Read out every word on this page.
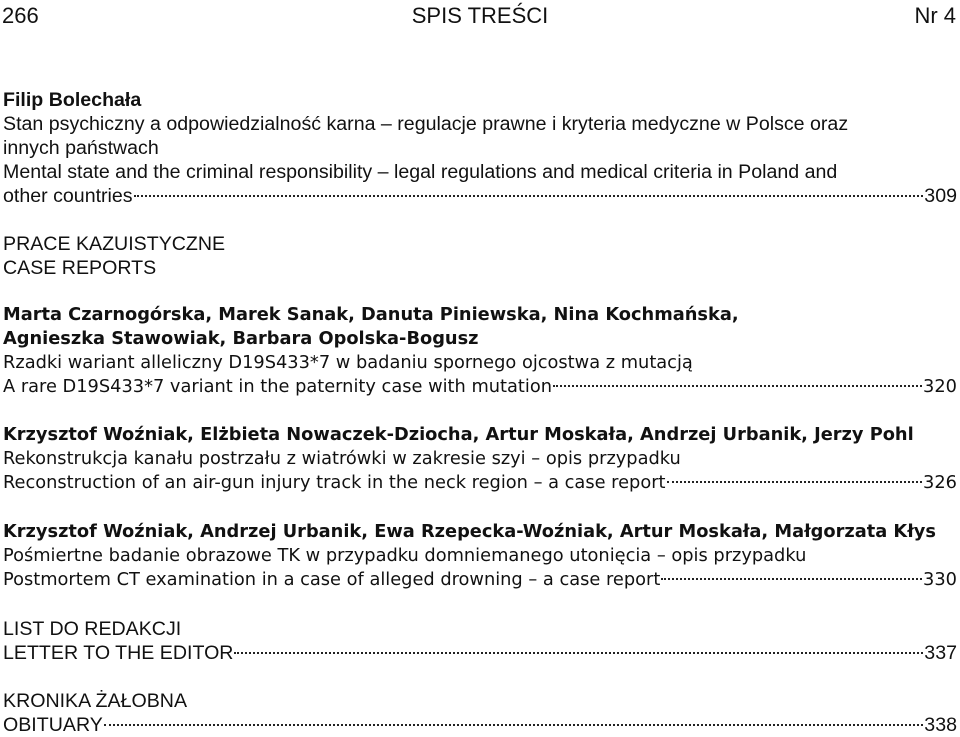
266	SPIS TREŚCI	Nr 4
Filip Bolechała
Stan psychiczny a odpowiedzialność karna – regulacje prawne i kryteria medyczne w Polsce oraz
innych państwach
Mental state and the criminal responsibility – legal regulations and medical criteria in Poland and
other countries	309
PRACE KAZUISTYCZNE
CASE REPORTS
Marta Czarnogórska, Marek Sanak, Danuta Piniewska, Nina Kochmańska,
Agnieszka Stawowiak, Barbara Opolska-Bogusz
Rzadki wariant alleliczny D19S433*7 w badaniu spornego ojcostwa z mutacją
A rare D19S433*7 variant in the paternity case with mutation	320
Krzysztof Woźniak, Elżbieta Nowaczek-Dziocha, Artur Moskała, Andrzej Urbanik, Jerzy Pohl
Rekonstrukcja kanału postrzału z wiatrówki w zakresie szyi – opis przypadku
Reconstruction of an air-gun injury track in the neck region – a case report	326
Krzysztof Woźniak, Andrzej Urbanik, Ewa Rzepecka-Woźniak, Artur Moskała, Małgorzata Kłys
Pośmiertne badanie obrazowe TK w przypadku domniemanego utonięcia – opis przypadku
Postmortem CT examination in a case of alleged drowning – a case report	330
LIST DO REDAKCJI
LETTER TO THE EDITOR	337
KRONIKA ŻAŁOBNA
OBITUARY	338
